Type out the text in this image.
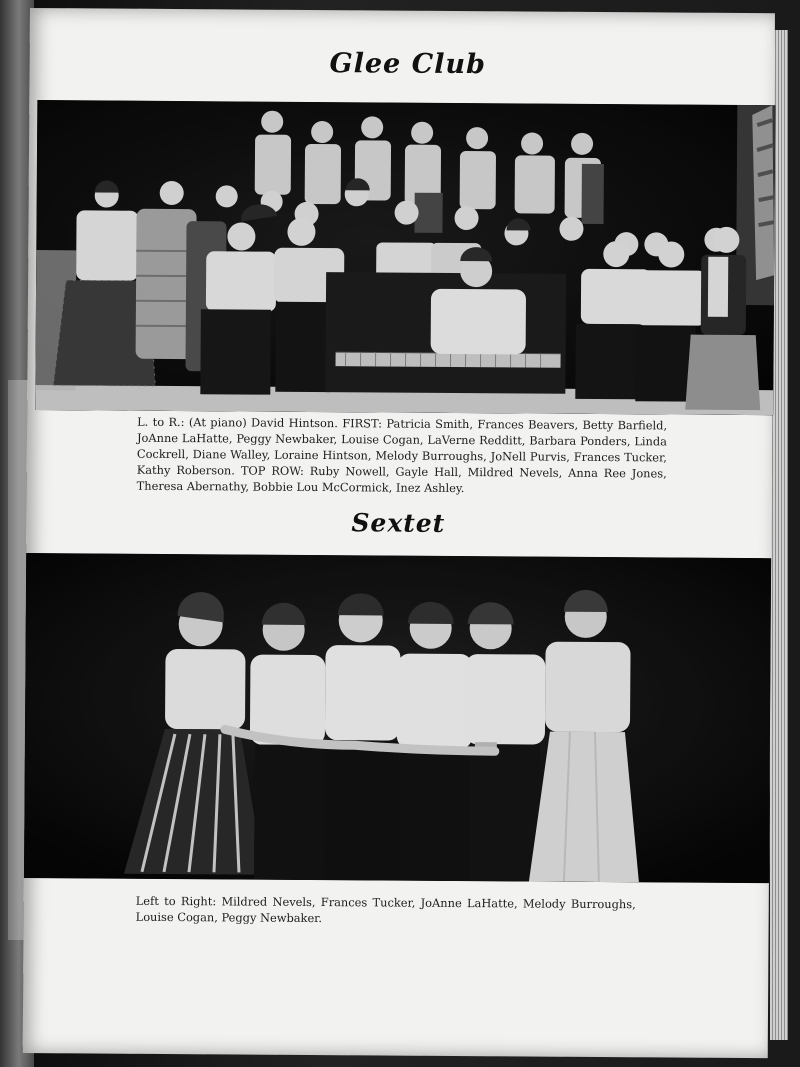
Glee Club
L. to R.: (At piano) David Hintson. FIRST: Patricia Smith, Frances Beavers, Betty Barfield, JoAnne LaHatte, Peggy Newbaker, Louise Cogan, LaVerne Redditt, Barbara Ponders, Linda Cockrell, Diane Walley, Loraine Hintson, Melody Burroughs, JoNell Purvis, Frances Tucker, Kathy Roberson. TOP ROW: Ruby Nowell, Gayle Hall, Mildred Nevels, Anna Ree Jones, Theresa Abernathy, Bobbie Lou McCormick, Inez Ashley.
Sextet
Left to Right: Mildred Nevels, Frances Tucker, JoAnne LaHatte, Melody Burroughs, Louise Cogan, Peggy Newbaker.
